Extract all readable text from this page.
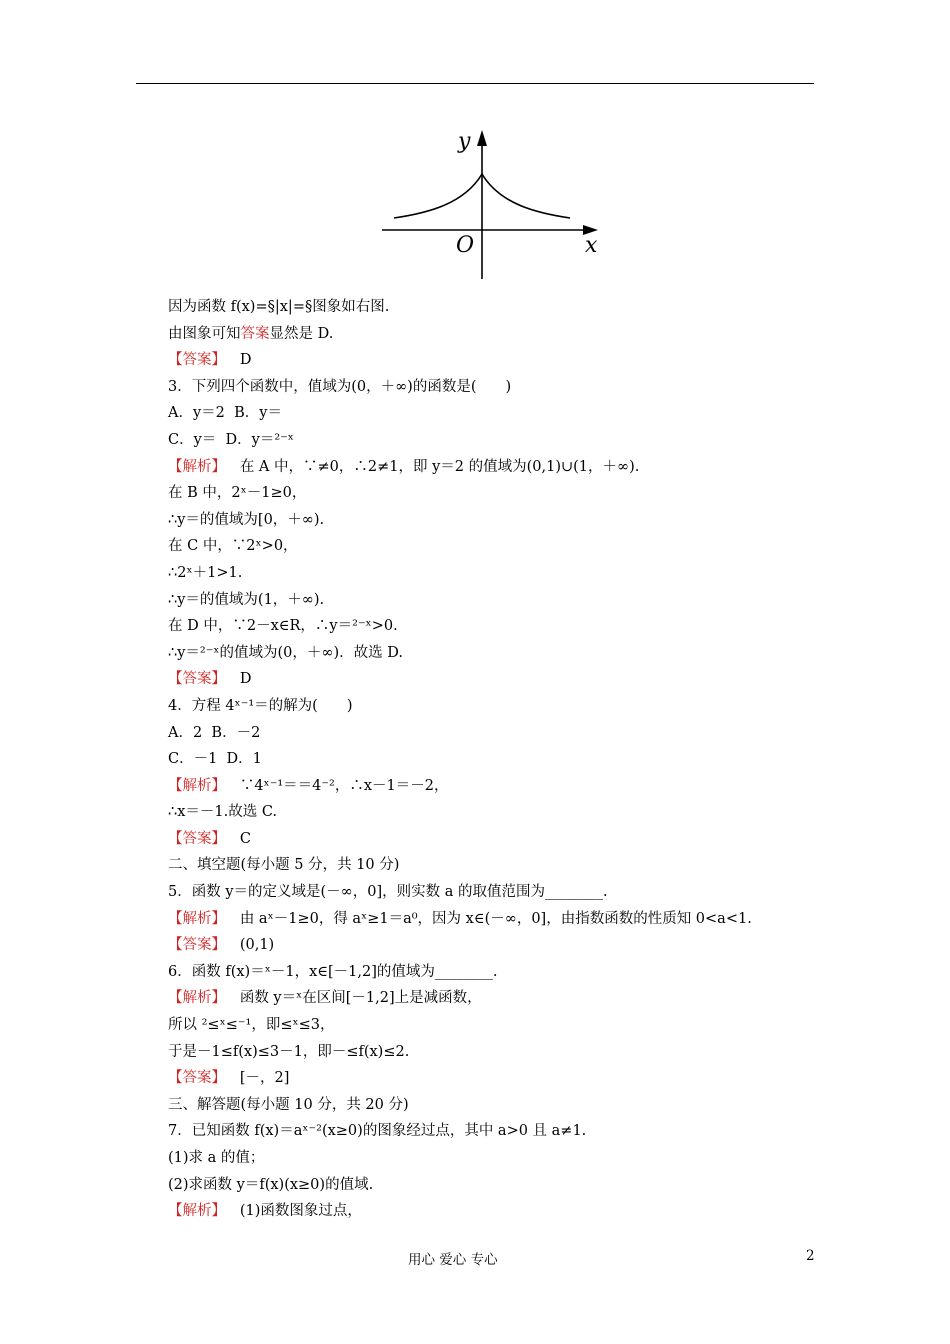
y
x
O
因为函数 f(x)=§|x|=§图象如右图.
由图象可知答案显然是 D.
【答案】   D
3．下列四个函数中，值域为(0，＋∞)的函数是(　　)
A．y＝2  B．y＝
C．y＝  D．y＝²⁻ˣ
【解析】   在 A 中，∵≠0，∴2≠1，即 y＝2 的值域为(0,1)∪(1，＋∞).
在 B 中，2ˣ－1≥0，
∴y＝的值域为[0，＋∞).
在 C 中，∵2ˣ>0，
∴2ˣ＋1>1.
∴y＝的值域为(1，＋∞).
在 D 中，∵2－x∈R，∴y＝²⁻ˣ>0.
∴y＝²⁻ˣ的值域为(0，＋∞)．故选 D.
【答案】   D
4．方程 4ˣ⁻¹＝的解为(　　)
A．2  B．－2
C．－1  D．1
【解析】   ∵4ˣ⁻¹＝＝4⁻²，∴x－1＝－2，
∴x＝－1.故选 C.
【答案】   C
二、填空题(每小题 5 分，共 10 分)
5．函数 y＝的定义域是(－∞，0]，则实数 a 的取值范围为________.
【解析】   由 aˣ－1≥0，得 aˣ≥1＝a⁰，因为 x∈(－∞，0]，由指数函数的性质知 0<a<1.
【答案】   (0,1)
6．函数 f(x)＝ˣ－1，x∈[－1,2]的值域为________.
【解析】   函数 y＝ˣ在区间[－1,2]上是减函数，
所以 ²≤ˣ≤⁻¹，即≤ˣ≤3，
于是－1≤f(x)≤3－1，即－≤f(x)≤2.
【答案】   [－，2]
三、解答题(每小题 10 分，共 20 分)
7．已知函数 f(x)＝aˣ⁻²(x≥0)的图象经过点，其中 a>0 且 a≠1.
(1)求 a 的值；
(2)求函数 y＝f(x)(x≥0)的值域.
【解析】   (1)函数图象过点，
用心 爱心 专心	2
